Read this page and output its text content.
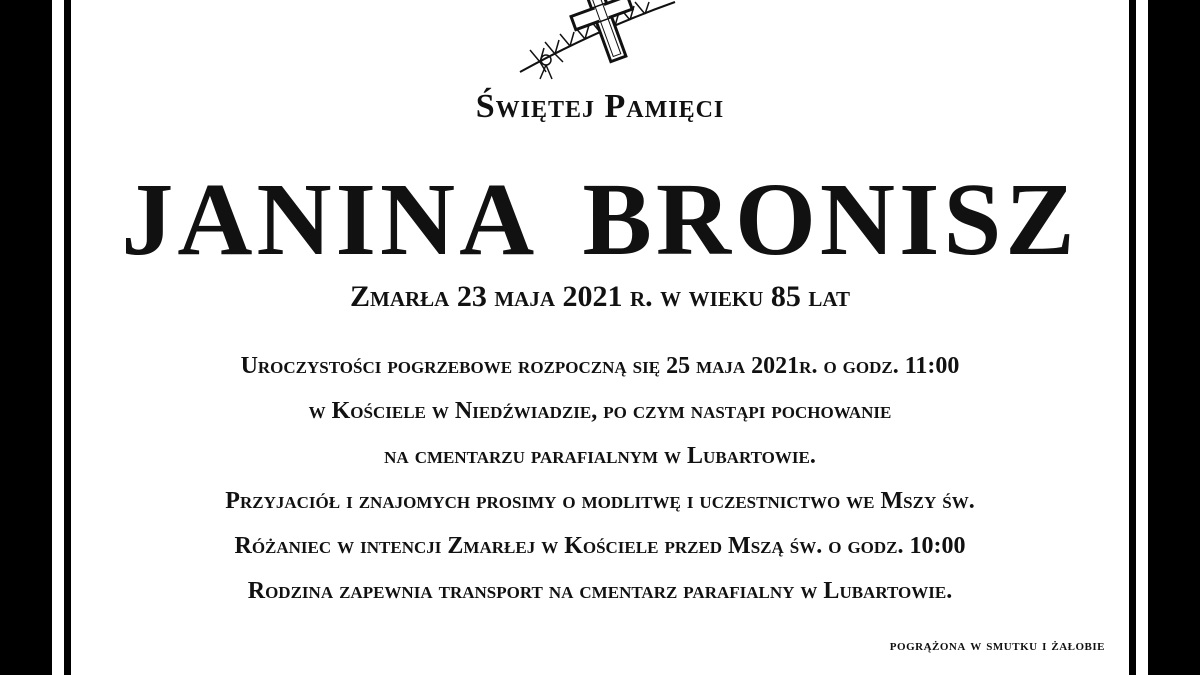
Świętej Pamięci
JANINA BRONISZ
Zmarła 23 maja 2021 r. w wieku 85 lat
Uroczystości pogrzebowe rozpoczną się 25 maja 2021r. o godz. 11:00
w Kościele w Niedźwiadzie, po czym nastąpi pochowanie
na cmentarzu parafialnym w Lubartowie.
Przyjaciół i znajomych prosimy o modlitwę i uczestnictwo we Mszy św.
Różaniec w intencji Zmarłej w Kościele przed Mszą św. o godz. 10:00
Rodzina zapewnia transport na cmentarz parafialny w Lubartowie.
pogrążona w smutku i żałobie
